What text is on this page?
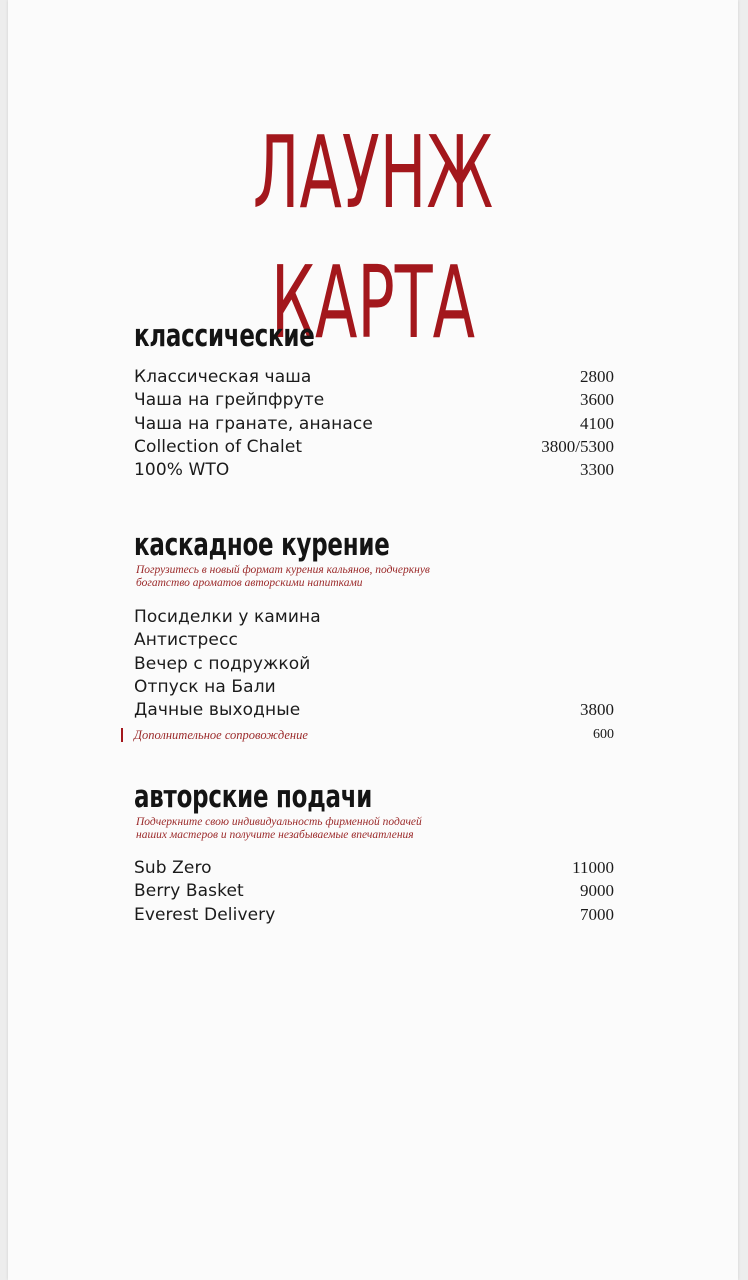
ЛАУНЖ КАРТА
классические
Классическая чаша	2800
Чаша на грейпфруте	3600
Чаша на гранате, ананасе	4100
Collection of Chalet	3800/5300
100% WTO	3300
каскадное курение
Погрузитесь в новый формат курения кальянов, подчеркнув
богатство ароматов авторскими напитками
Посиделки у камина
Антистресс
Вечер с подружкой
Отпуск на Бали
Дачные выходные	3800
Дополнительное сопровождение	600
авторские подачи
Подчеркните свою индивидуальность фирменной подачей
наших мастеров и получите незабываемые впечатления
Sub Zero	11000
Berry Basket	9000
Everest Delivery	7000
